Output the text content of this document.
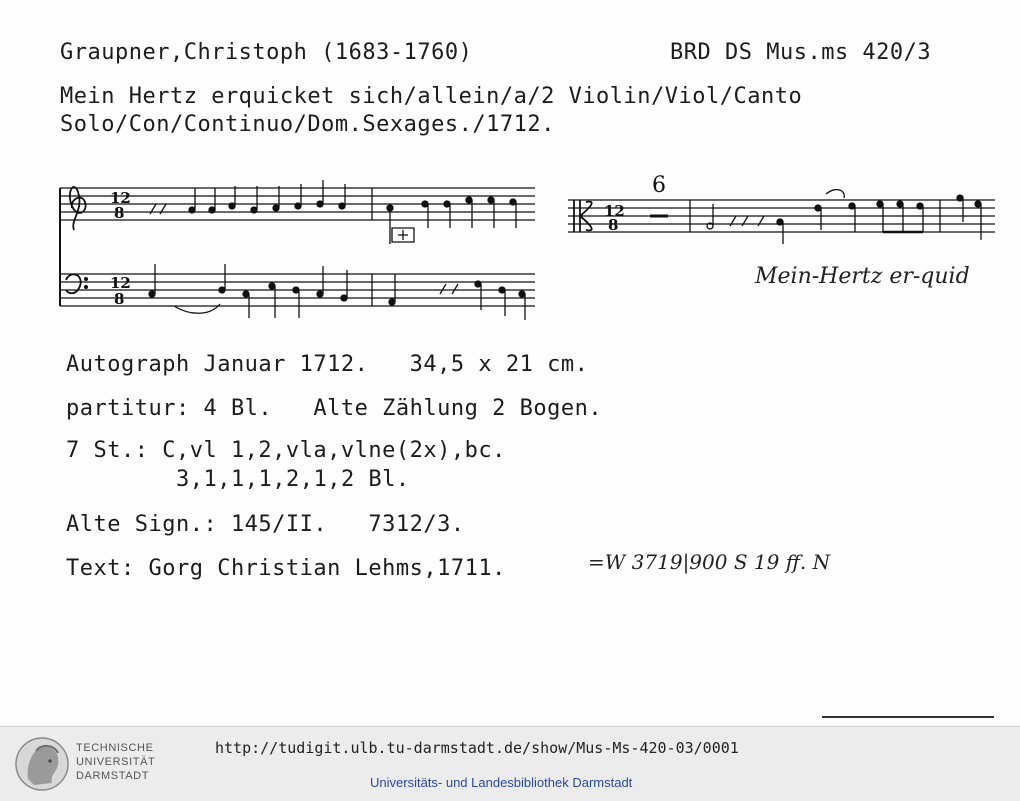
Graupner,Christoph (1683-1760)	BRD DS Mus.ms 420/3
Mein Hertz erquicket sich/allein/a/2 Violin/Viol/Canto
Solo/Con/Continuo/Dom.Sexages./1712.
12
8
12
8
12
8
6
Mein-Hertz er-quid
Autograph Januar 1712.   34,5 x 21 cm.
partitur: 4 Bl.   Alte Zählung 2 Bogen.
7 St.: C,vl 1,2,vla,vlne(2x),bc.
3,1,1,1,2,1,2 Bl.
Alte Sign.: 145/II.   7312/3.
Text: Gorg Christian Lehms,1711.	=W 3719|900 S 19 ff. N
TECHNISCHE
UNIVERSITÄT
DARMSTADT
http://tudigit.ulb.tu-darmstadt.de/show/Mus-Ms-420-03/0001
Universitäts- und Landesbibliothek Darmstadt
